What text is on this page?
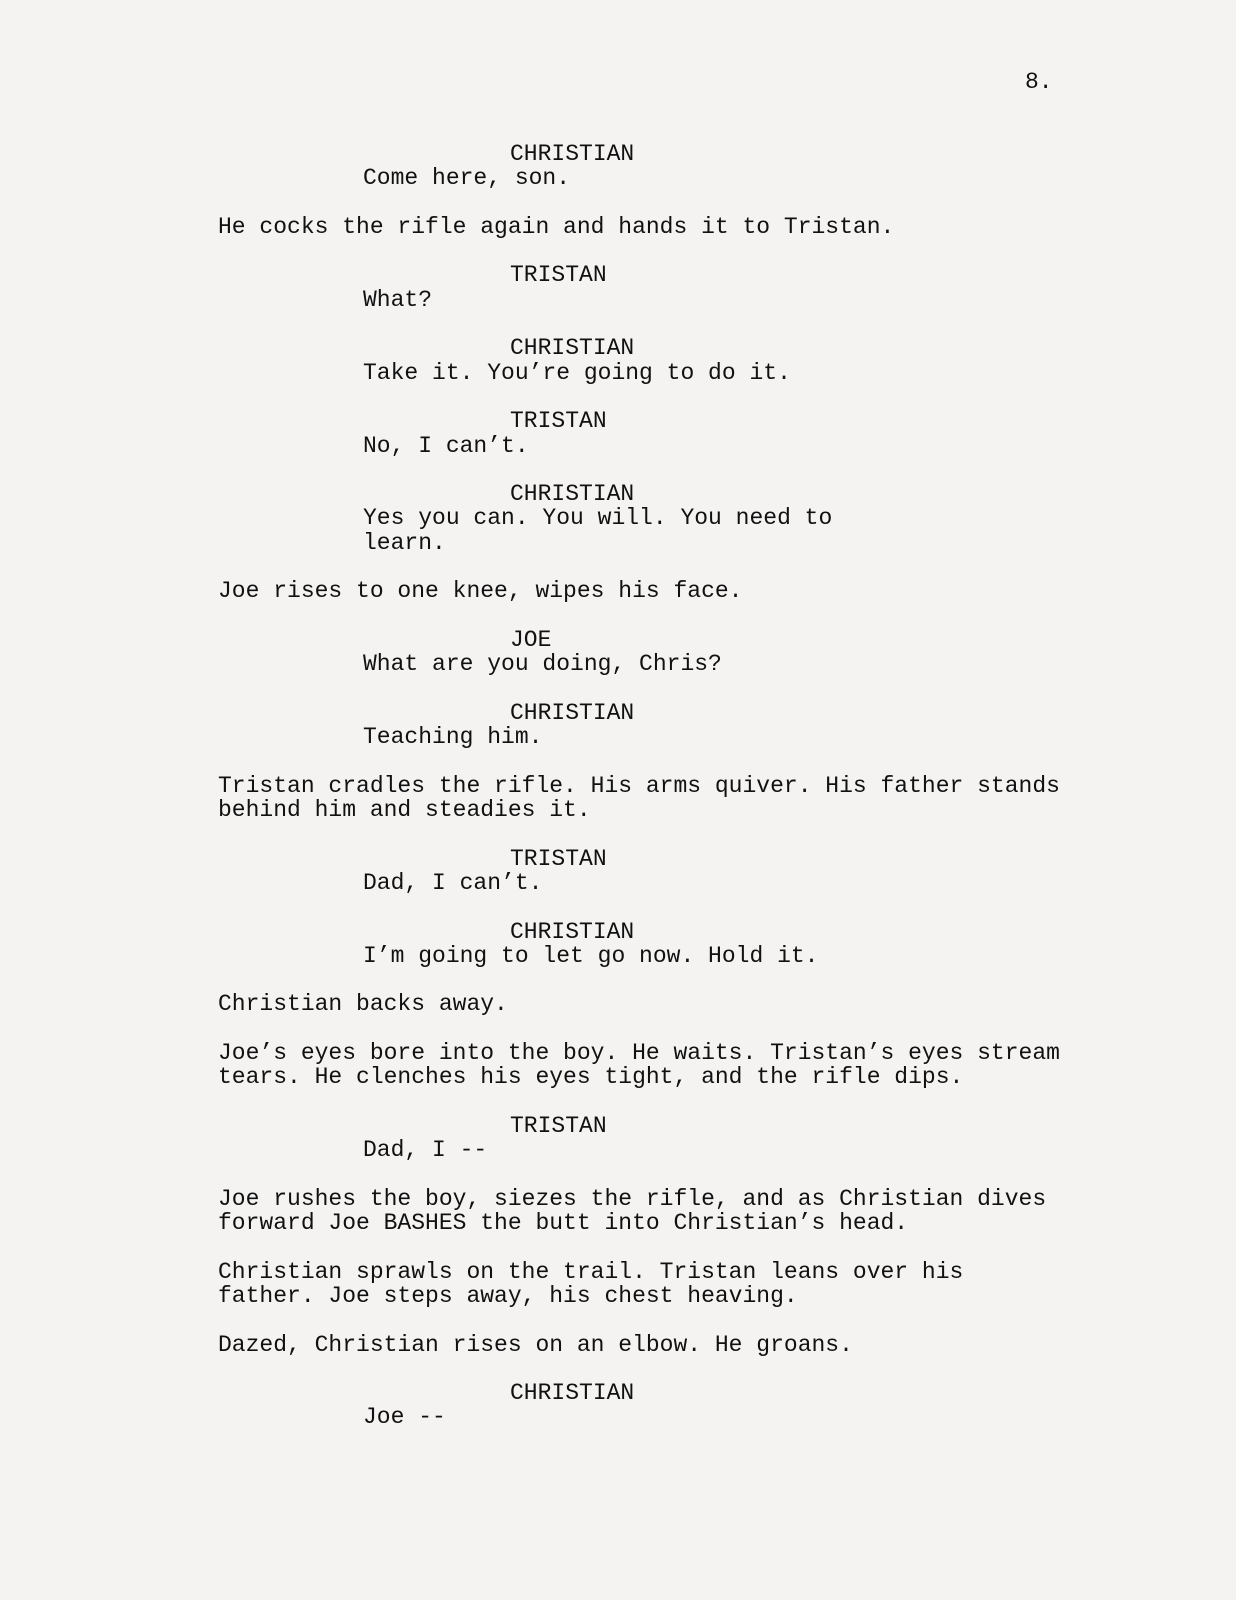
8.
CHRISTIAN
Come here, son.
He cocks the rifle again and hands it to Tristan.
TRISTAN
What?
CHRISTIAN
Take it. You’re going to do it.
TRISTAN
No, I can’t.
CHRISTIAN
Yes you can. You will. You need to
learn.
Joe rises to one knee, wipes his face.
JOE
What are you doing, Chris?
CHRISTIAN
Teaching him.
Tristan cradles the rifle. His arms quiver. His father stands
behind him and steadies it.
TRISTAN
Dad, I can’t.
CHRISTIAN
I’m going to let go now. Hold it.
Christian backs away.
Joe’s eyes bore into the boy. He waits. Tristan’s eyes stream
tears. He clenches his eyes tight, and the rifle dips.
TRISTAN
Dad, I --
Joe rushes the boy, siezes the rifle, and as Christian dives
forward Joe BASHES the butt into Christian’s head.
Christian sprawls on the trail. Tristan leans over his
father. Joe steps away, his chest heaving.
Dazed, Christian rises on an elbow. He groans.
CHRISTIAN
Joe --
